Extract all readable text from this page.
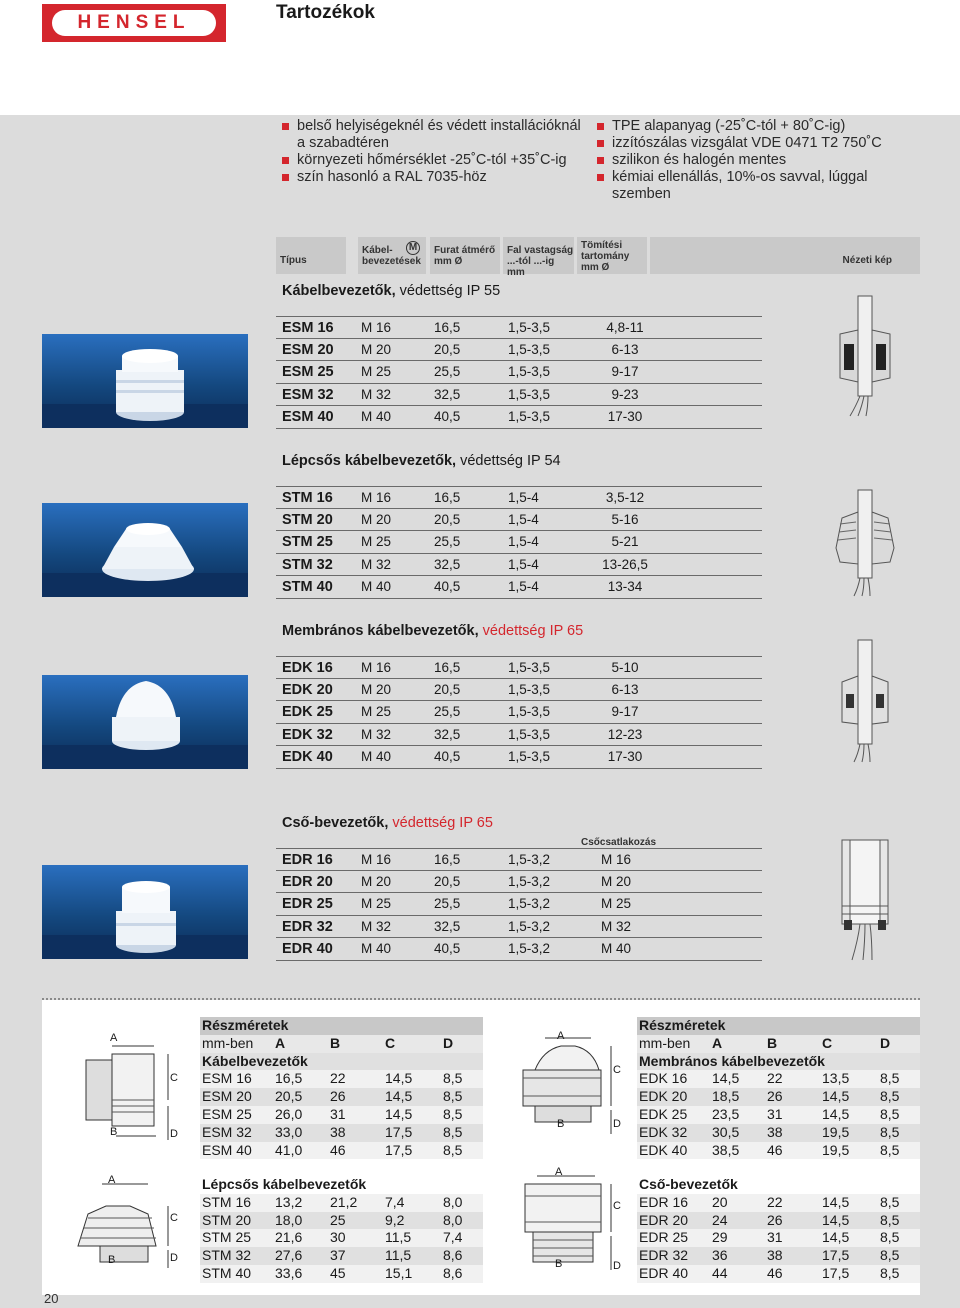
HENSEL	Tartozékok
belső helyiségeknél és védett installációknál
a szabadtéren
környezeti hőmérséklet -25˚C-tól +35˚C-ig
szín hasonló a RAL 7035-höz
TPE alapanyag (-25˚C-tól + 80˚C-ig)
izzítószálas vizsgálat VDE 0471 T2 750˚C
szilikon és halogén mentes
kémiai ellenállás, 10%-os savval, lúggal szemben
Típus
Kábel-
bevezetések
M Furat átmérő
mm Ø
Fal vastagság
...-tól ...-ig mm
Tömítési
tartomány
mm Ø
Nézeti kép
Kábelbevezetők, védettség IP 55
ESM 16 M 16	16,5	1,5-3,5	4,8-11
ESM 20 M 20	20,5	1,5-3,5	6-13
ESM 25 M 25	25,5	1,5-3,5	9-17
ESM 32 M 32	32,5	1,5-3,5	9-23
ESM 40 M 40	40,5	1,5-3,5	17-30
Lépcsős kábelbevezetők, védettség IP 54
STM 16 M 16	16,5	1,5-4	3,5-12
STM 20 M 20	20,5	1,5-4	5-16
STM 25 M 25	25,5	1,5-4	5-21
STM 32 M 32	32,5	1,5-4	13-26,5
STM 40 M 40	40,5	1,5-4	13-34
Membrános kábelbevezetők, védettség IP 65
EDK 16 M 16	16,5	1,5-3,5	5-10
EDK 20 M 20	20,5	1,5-3,5	6-13
EDK 25 M 25	25,5	1,5-3,5	9-17
EDK 32 M 32	32,5	1,5-3,5	12-23
EDK 40 M 40	40,5	1,5-3,5	17-30
Cső-bevezetők, védettség IP 65
Csőcsatlakozás
EDR 16 M 16	16,5	1,5-3,2	M 16
EDR 20 M 20	20,5	1,5-3,2	M 20
EDR 25 M 25	25,5	1,5-3,2	M 25
EDR 32 M 32	32,5	1,5-3,2	M 32
EDR 40 M 40	40,5	1,5-3,2	M 40
A
B
C
D
A
B
C
D
A
B
C
D
A
B
C
D
Részméretek
mm-ben A	B	C	D
Kábelbevezetők
ESM 16 16,5 22	14,5 8,5
ESM 20 20,5 26	14,5 8,5
ESM 25 26,0 31	14,5 8,5
ESM 32 33,0 38	17,5 8,5
ESM 40 41,0 46	17,5 8,5
Részméretek
mm-ben A	B	C	D
Membrános kábelbevezetők
EDK 16 14,5 22	13,5 8,5
EDK 20 18,5 26	14,5 8,5
EDK 25 23,5 31	14,5 8,5
EDK 32 30,5 38	19,5 8,5
EDK 40 38,5 46	19,5 8,5
Lépcsős kábelbevezetők
STM 16 13,2 21,2 7,4	8,0
STM 20 18,0 25	9,2	8,0
STM 25 21,6 30	11,5 7,4
STM 32 27,6 37	11,5 8,6
STM 40 33,6 45	15,1 8,6
Cső-bevezetők
EDR 16 20	22	14,5 8,5
EDR 20 24	26	14,5 8,5
EDR 25 29	31	14,5 8,5
EDR 32 36	38	17,5 8,5
EDR 40 44	46	17,5 8,5
20
